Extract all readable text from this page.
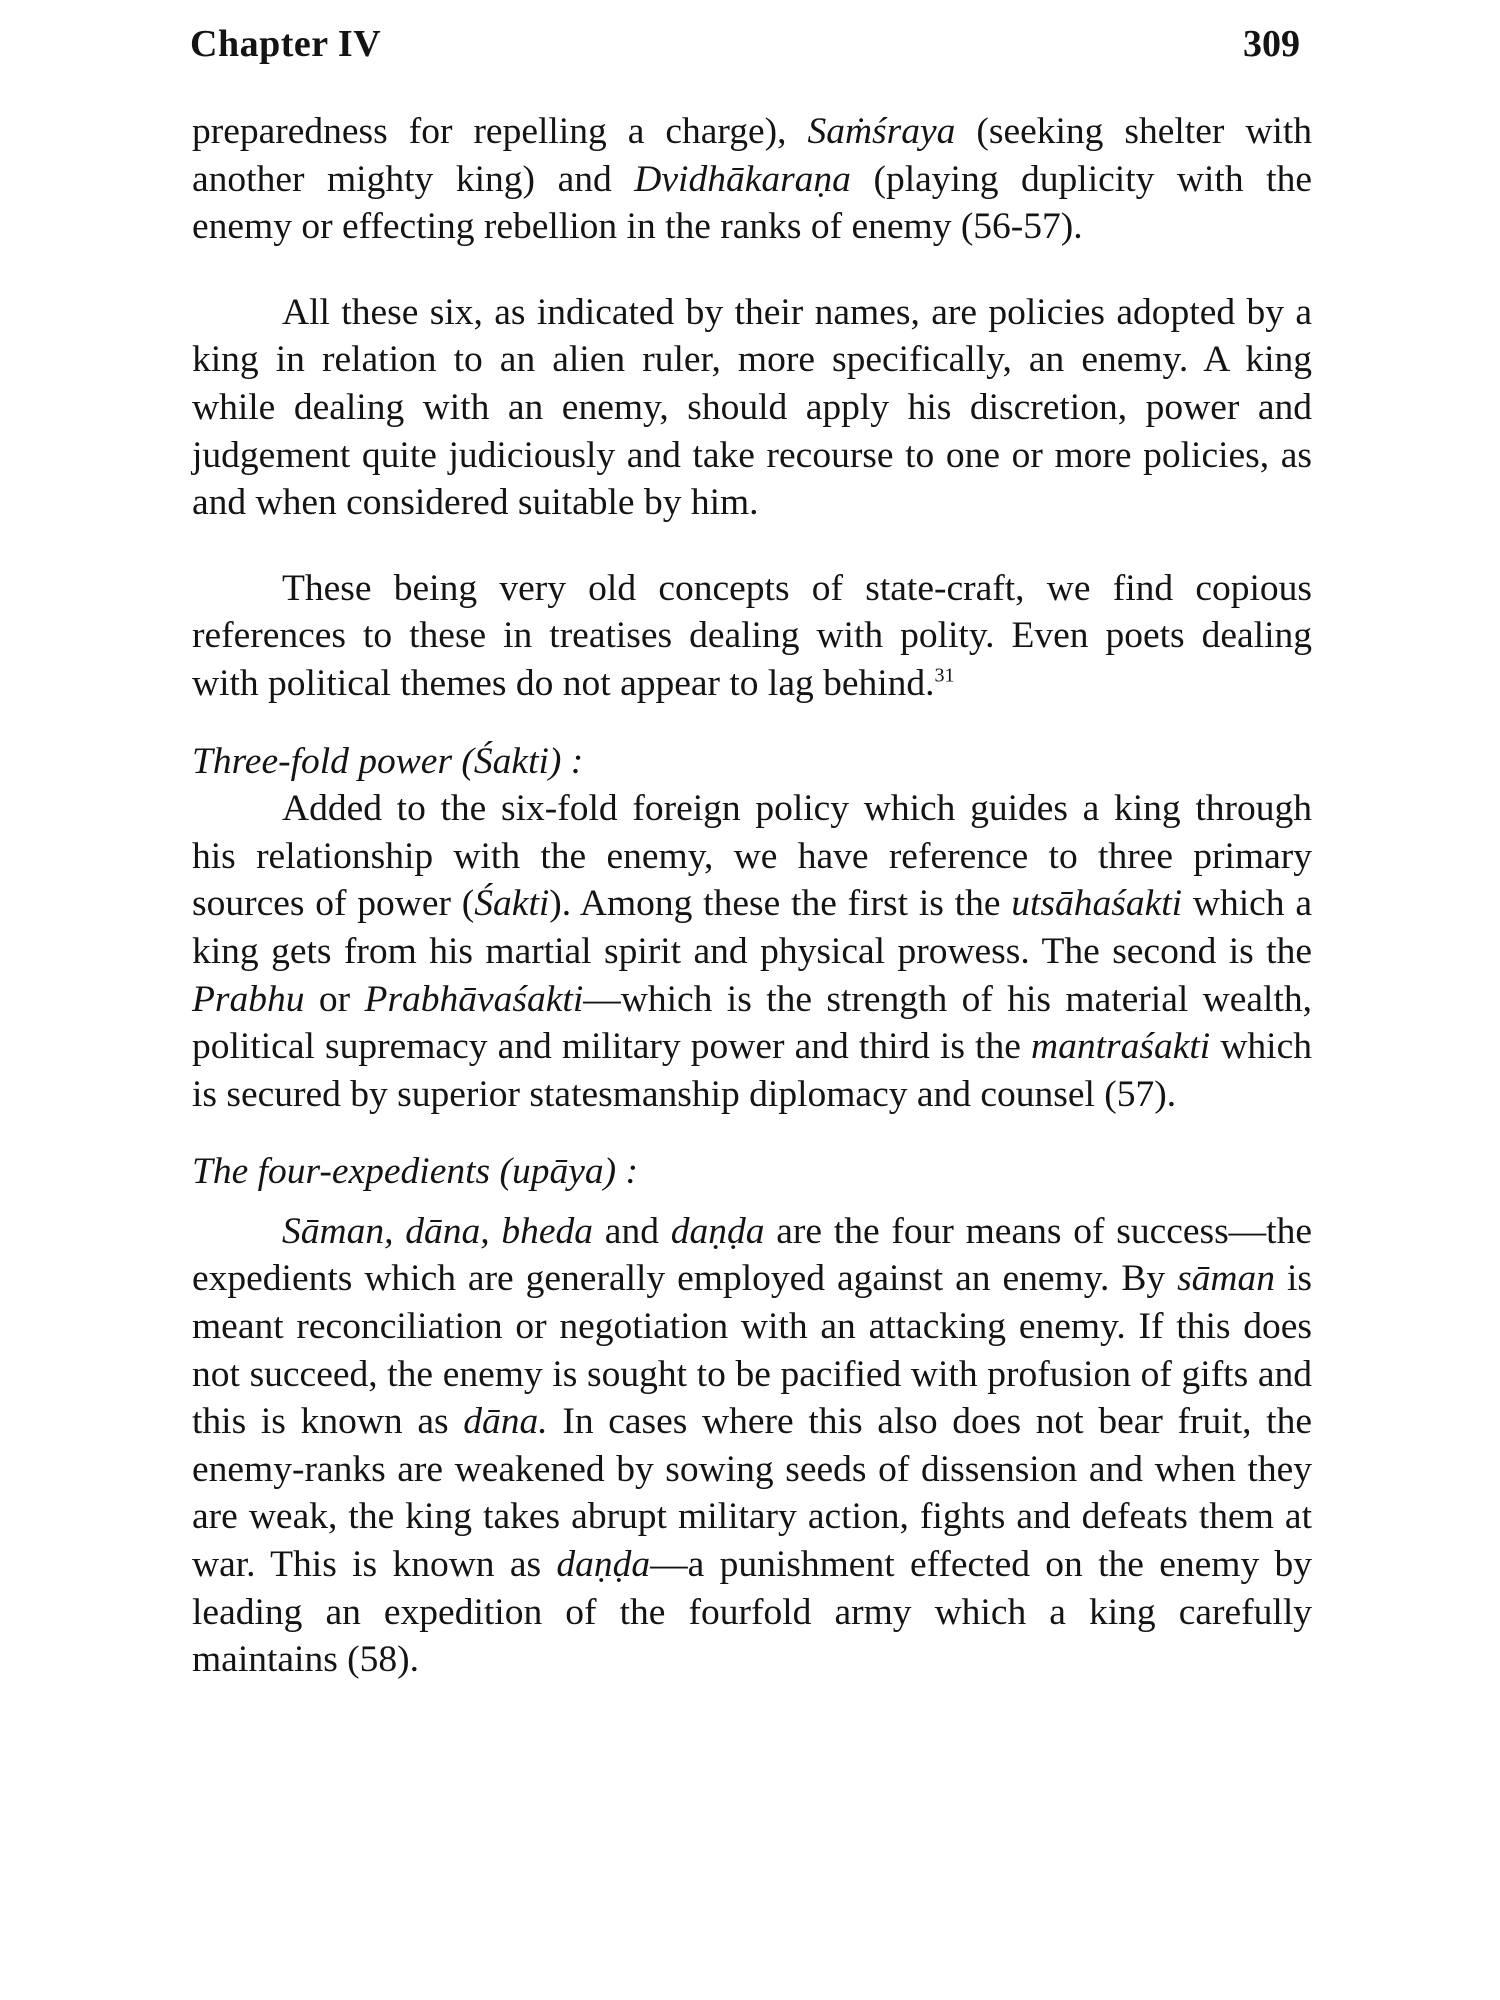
Chapter IV	309

preparedness for repelling a charge), Saṁśraya (seeking shelter with another mighty king) and Dvidhākaraṇa (playing duplicity with the enemy or effecting rebellion in the ranks of enemy (56-57).

All these six, as indicated by their names, are policies adopted by a king in relation to an alien ruler, more specifically, an enemy. A king while dealing with an enemy, should apply his discretion, power and judgement quite judiciously and take recourse to one or more policies, as and when considered suitable by him.

These being very old concepts of state-craft, we find copious references to these in treatises dealing with polity. Even poets dealing with political themes do not appear to lag behind.$^{31}$

Three-fold power (Śakti) :

Added to the six-fold foreign policy which guides a king through his relationship with the enemy, we have reference to three primary sources of power (Śakti). Among these the first is the utsāhaśakti which a king gets from his martial spirit and physical prowess. The second is the Prabhu or Prabhāvaśakti—which is the strength of his material wealth, political supremacy and military power and third is the mantraśakti which is secured by superior statesmanship diplomacy and counsel (57).

The four-expedients (upāya) :

Sāman, dāna, bheda and daṇḍa are the four means of success—the expedients which are generally employed against an enemy. By sāman is meant reconciliation or negotiation with an attacking enemy. If this does not succeed, the enemy is sought to be pacified with profusion of gifts and this is known as dāna. In cases where this also does not bear fruit, the enemy-ranks are weakened by sowing seeds of dissension and when they are weak, the king takes abrupt military action, fights and defeats them at war. This is known as daṇḍa—a punishment effected on the enemy by leading an expedition of the fourfold army which a king carefully maintains (58).
